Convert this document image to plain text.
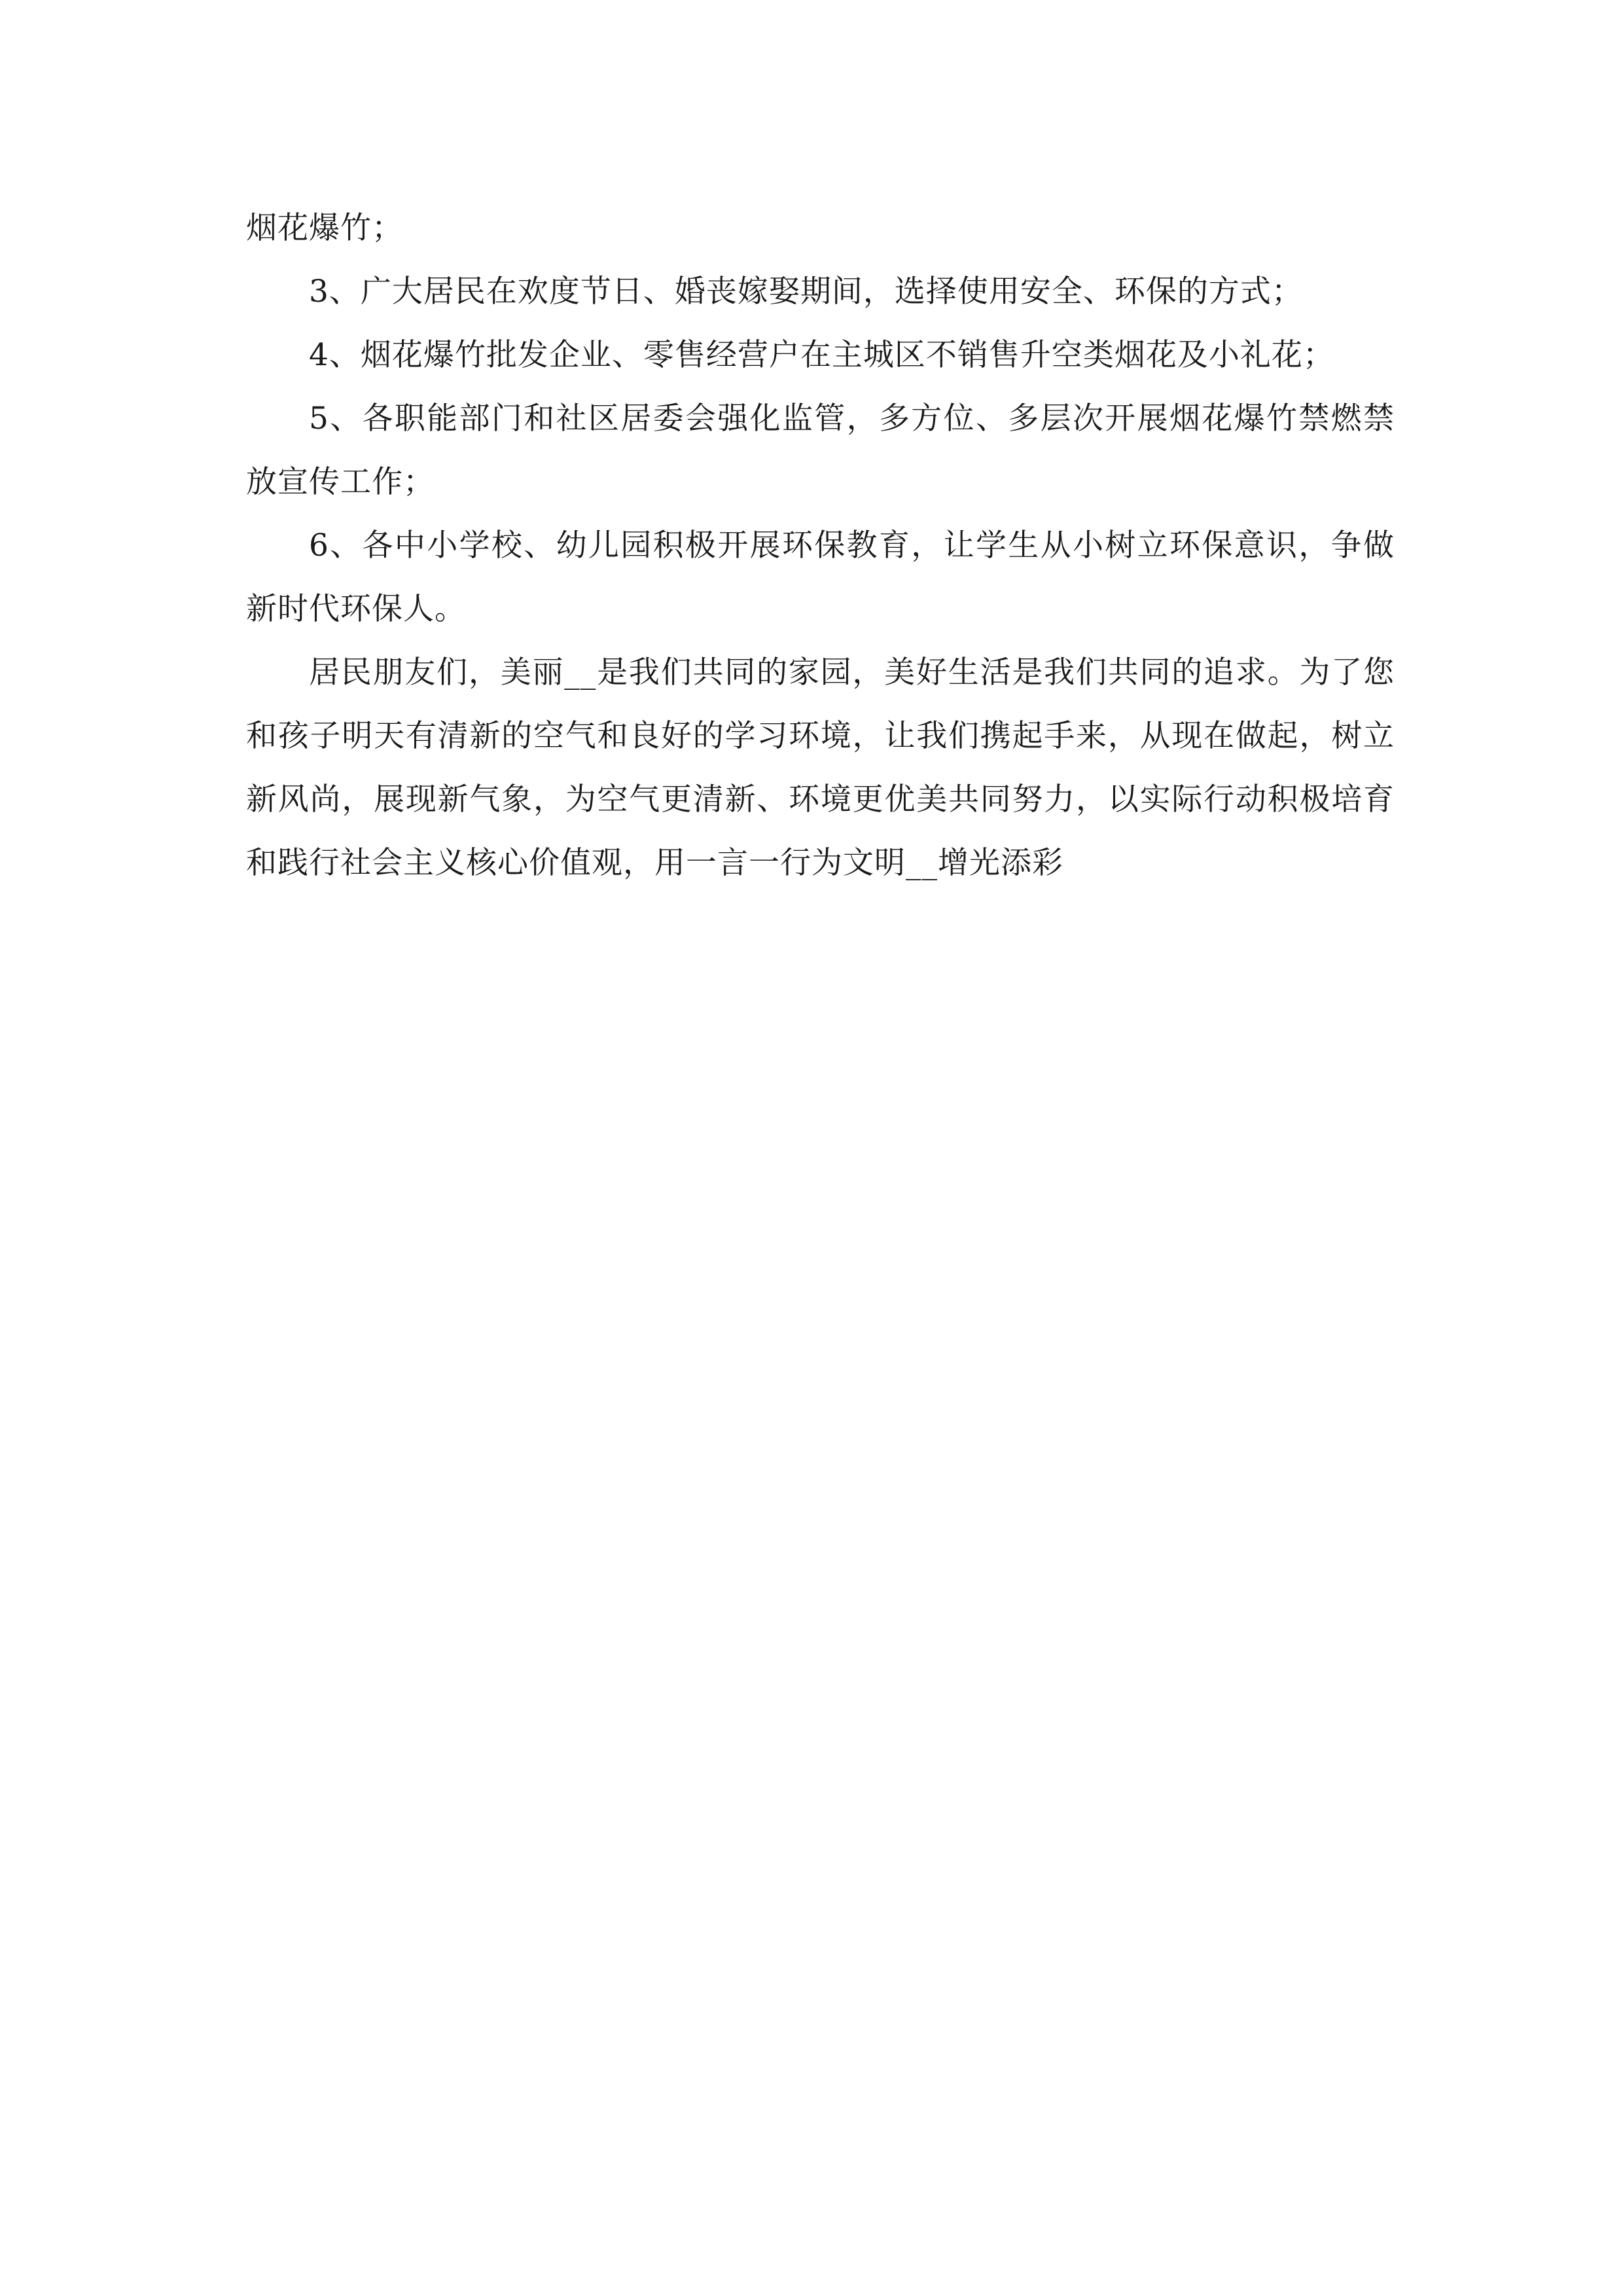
烟花爆竹；

3、广大居民在欢度节日、婚丧嫁娶期间，选择使用安全、环保的方式；

4、烟花爆竹批发企业、零售经营户在主城区不销售升空类烟花及小礼花；

5、各职能部门和社区居委会强化监管，多方位、多层次开展烟花爆竹禁燃禁放宣传工作；

6、各中小学校、幼儿园积极开展环保教育，让学生从小树立环保意识，争做新时代环保人。

居民朋友们，美丽__是我们共同的家园，美好生活是我们共同的追求。为了您和孩子明天有清新的空气和良好的学习环境，让我们携起手来，从现在做起，树立新风尚，展现新气象，为空气更清新、环境更优美共同努力，以实际行动积极培育和践行社会主义核心价值观，用一言一行为文明__增光添彩
